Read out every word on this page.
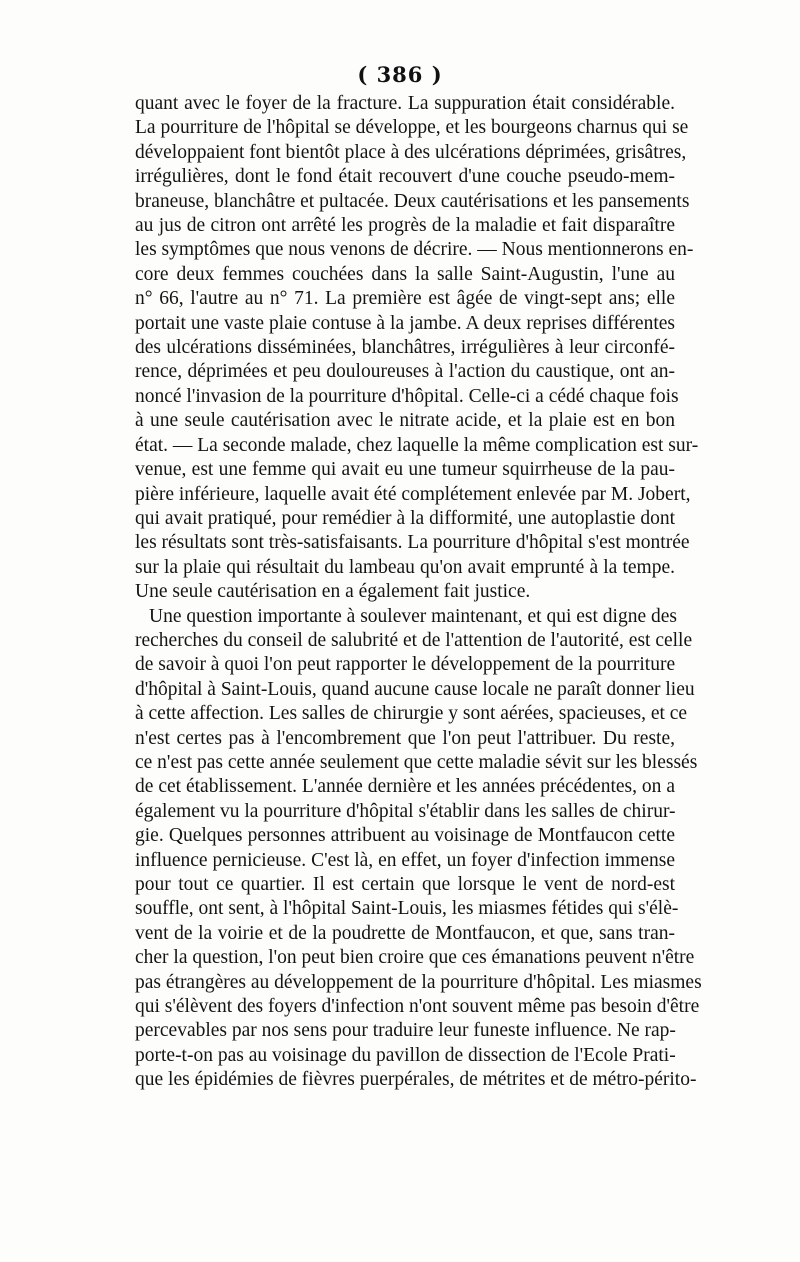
( 386 )

quant avec le foyer de la fracture. La suppuration était considérable.
La pourriture de l'hôpital se développe, et les bourgeons charnus qui se
développaient font bientôt place à des ulcérations déprimées, grisâtres,
irrégulières, dont le fond était recouvert d'une couche pseudo-mem-
braneuse, blanchâtre et pultacée. Deux cautérisations et les pansements
au jus de citron ont arrêté les progrès de la maladie et fait disparaître
les symptômes que nous venons de décrire. — Nous mentionnerons en-
core deux femmes couchées dans la salle Saint-Augustin, l'une au
n° 66, l'autre au n° 71. La première est âgée de vingt-sept ans; elle
portait une vaste plaie contuse à la jambe. A deux reprises différentes
des ulcérations disséminées, blanchâtres, irrégulières à leur circonfé-
rence, déprimées et peu douloureuses à l'action du caustique, ont an-
noncé l'invasion de la pourriture d'hôpital. Celle-ci a cédé chaque fois
à une seule cautérisation avec le nitrate acide, et la plaie est en bon
état. — La seconde malade, chez laquelle la même complication est sur-
venue, est une femme qui avait eu une tumeur squirrheuse de la pau-
pière inférieure, laquelle avait été complétement enlevée par M. Jobert,
qui avait pratiqué, pour remédier à la difformité, une autoplastie dont
les résultats sont très-satisfaisants. La pourriture d'hôpital s'est montrée
sur la plaie qui résultait du lambeau qu'on avait emprunté à la tempe.
Une seule cautérisation en a également fait justice.

Une question importante à soulever maintenant, et qui est digne des
recherches du conseil de salubrité et de l'attention de l'autorité, est celle
de savoir à quoi l'on peut rapporter le développement de la pourriture
d'hôpital à Saint-Louis, quand aucune cause locale ne paraît donner lieu
à cette affection. Les salles de chirurgie y sont aérées, spacieuses, et ce
n'est certes pas à l'encombrement que l'on peut l'attribuer. Du reste,
ce n'est pas cette année seulement que cette maladie sévit sur les blessés
de cet établissement. L'année dernière et les années précédentes, on a
également vu la pourriture d'hôpital s'établir dans les salles de chirur-
gie. Quelques personnes attribuent au voisinage de Montfaucon cette
influence pernicieuse. C'est là, en effet, un foyer d'infection immense
pour tout ce quartier. Il est certain que lorsque le vent de nord-est
souffle, ont sent, à l'hôpital Saint-Louis, les miasmes fétides qui s'élè-
vent de la voirie et de la poudrette de Montfaucon, et que, sans tran-
cher la question, l'on peut bien croire que ces émanations peuvent n'être
pas étrangères au développement de la pourriture d'hôpital. Les miasmes
qui s'élèvent des foyers d'infection n'ont souvent même pas besoin d'être
percevables par nos sens pour traduire leur funeste influence. Ne rap-
porte-t-on pas au voisinage du pavillon de dissection de l'Ecole Prati-
que les épidémies de fièvres puerpérales, de métrites et de métro-périto-
